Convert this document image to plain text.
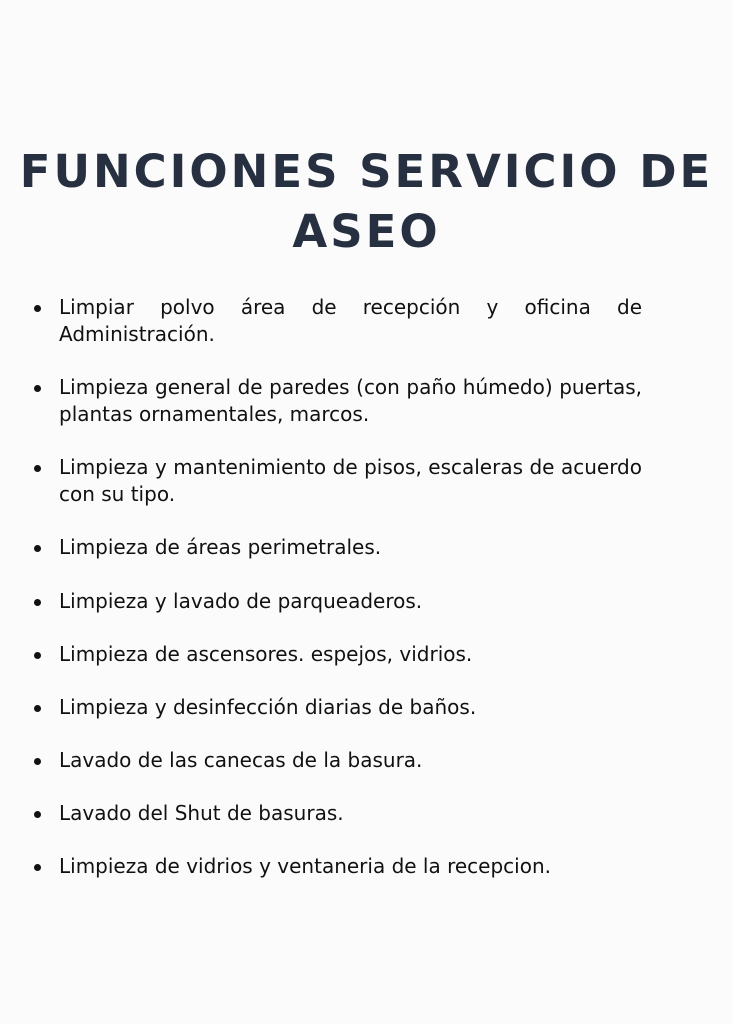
FUNCIONES SERVICIO DE
ASEO
Limpiar polvo área de recepción y oficina de Administración.
Limpieza general de paredes (con paño húmedo) puertas, plantas ornamentales, marcos.
Limpieza y mantenimiento de pisos, escaleras de acuerdo con su tipo.
Limpieza de áreas perimetrales.
Limpieza y lavado de parqueaderos.
Limpieza de ascensores. espejos, vidrios.
Limpieza y desinfección diarias de baños.
Lavado de las canecas de la basura.
Lavado del Shut de basuras.
Limpieza de vidrios y ventaneria de la recepcion.
